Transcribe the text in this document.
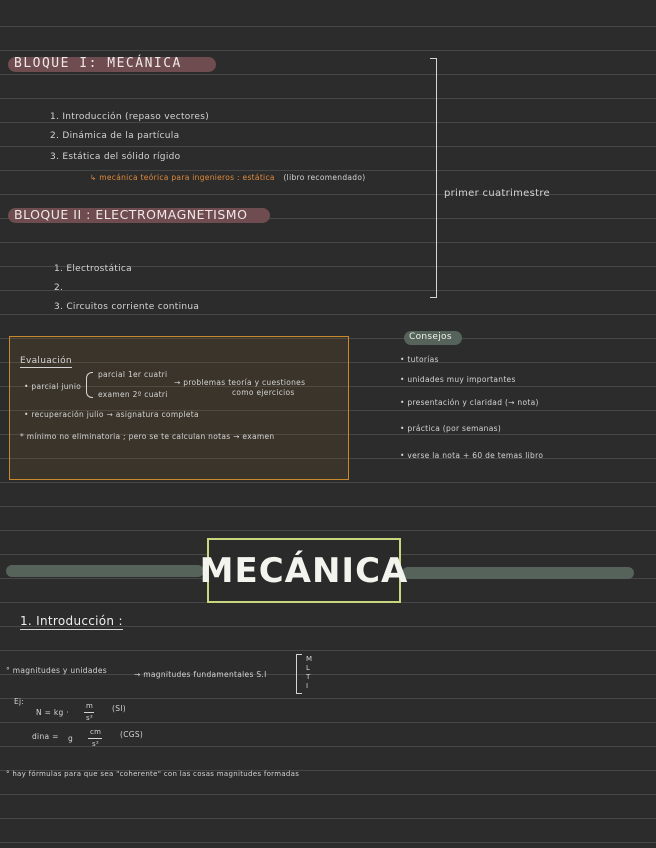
BLOQUE I: MECÁNICA
1. Introducción (repaso vectores)
2. Dinámica de la partícula
3. Estática del sólido rígido
↳ mecánica teórica para ingenieros : estática (libro recomendado)
primer cuatrimestre
BLOQUE II : ELECTROMAGNETISMO
1. Electrostática
2.
3. Circuitos corriente continua
Evaluación
• parcial junio
parcial 1er cuatri
examen 2º cuatri
→ problemas teoría y cuestiones
como ejercicios
• recuperación julio → asignatura completa
* mínimo no eliminatoria ; pero se te calculan notas → examen
Consejos
• tutorías
• unidades muy importantes
• presentación y claridad (→ nota)
• práctica (por semanas)
• verse la nota + 60 de temas libro
MECÁNICA
1. Introducción :
° magnitudes y unidades	→ magnitudes fundamentales S.I
M
L
T
I
Ej:
N = kg ·
m
s²
(SI)
dina = g
cm
s²
(CGS)
° hay fórmulas para que sea "coherente" con las cosas magnitudes formadas
